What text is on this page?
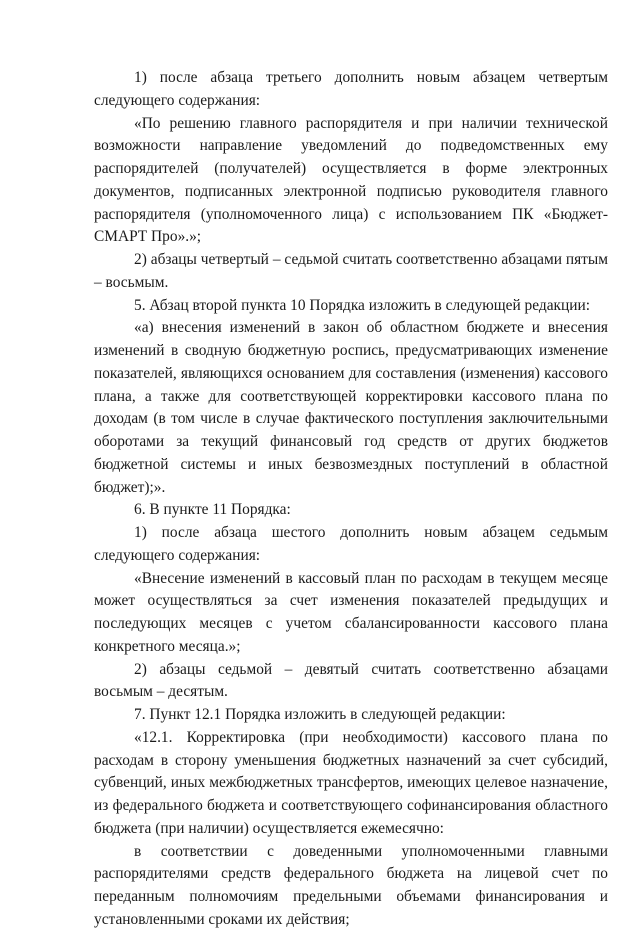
1) после абзаца третьего дополнить новым абзацем четвертым следующего содержания:

«По решению главного распорядителя и при наличии технической возможности направление уведомлений до подведомственных ему распорядителей (получателей) осуществляется в форме электронных документов, подписанных электронной подписью руководителя главного распорядителя (уполномоченного лица) с использованием ПК «Бюджет-СМАРТ Про».»;

2) абзацы четвертый – седьмой считать соответственно абзацами пятым – восьмым.

5. Абзац второй пункта 10 Порядка изложить в следующей редакции:

«а) внесения изменений в закон об областном бюджете и внесения изменений в сводную бюджетную роспись, предусматривающих изменение показателей, являющихся основанием для составления (изменения) кассового плана, а также для соответствующей корректировки кассового плана по доходам (в том числе в случае фактического поступления заключительными оборотами за текущий финансовый год средств от других бюджетов бюджетной системы и иных безвозмездных поступлений в областной бюджет);».

6. В пункте 11 Порядка:

1) после абзаца шестого дополнить новым абзацем седьмым следующего содержания:

«Внесение изменений в кассовый план по расходам в текущем месяце может осуществляться за счет изменения показателей предыдущих и последующих месяцев с учетом сбалансированности кассового плана конкретного месяца.»;

2) абзацы седьмой – девятый считать соответственно абзацами восьмым – десятым.

7. Пункт 12.1 Порядка изложить в следующей редакции:

«12.1. Корректировка (при необходимости) кассового плана по расходам в сторону уменьшения бюджетных назначений за счет субсидий, субвенций, иных межбюджетных трансфертов, имеющих целевое назначение, из федерального бюджета и соответствующего софинансирования областного бюджета (при наличии) осуществляется ежемесячно:

в соответствии с доведенными уполномоченными главными распорядителями средств федерального бюджета на лицевой счет по переданным полномочиям предельными объемами финансирования и установленными сроками их действия;
